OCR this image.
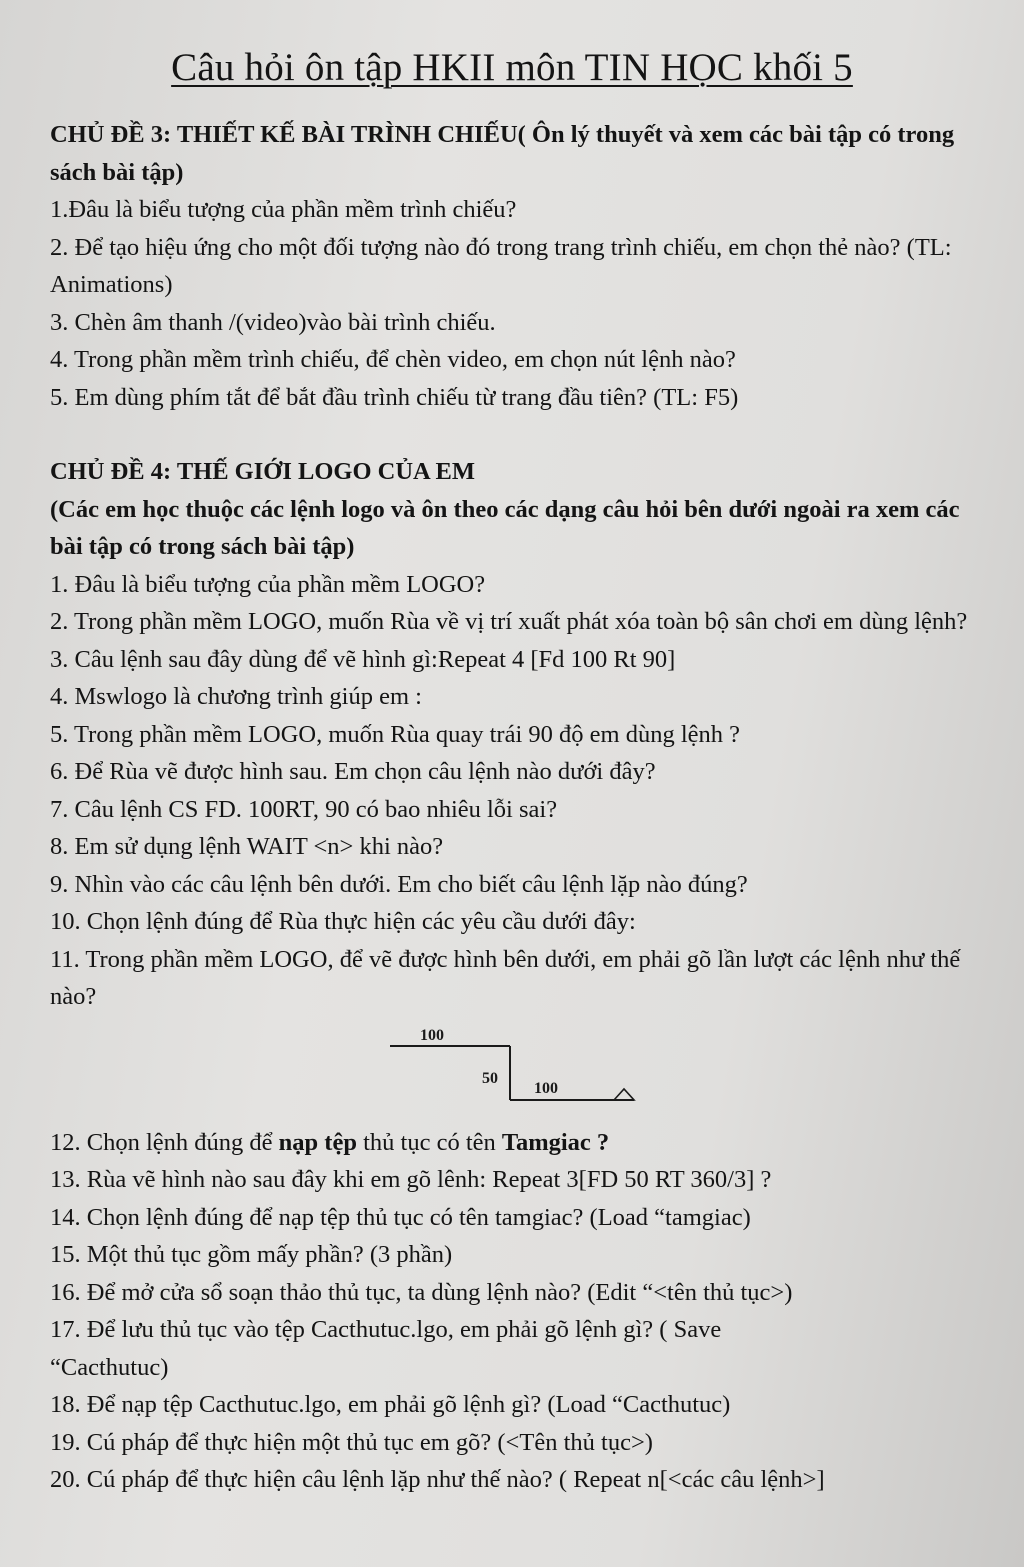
Câu hỏi ôn tập HKII môn TIN HỌC khối 5

CHỦ ĐỀ 3: THIẾT KẾ BÀI TRÌNH CHIẾU( Ôn lý thuyết và xem các bài tập có trong sách bài tập)

1.Đâu là biểu tượng của phần mềm trình chiếu?

2. Để tạo hiệu ứng cho một đối tượng nào đó trong trang trình chiếu, em chọn thẻ nào? (TL: Animations)

3. Chèn âm thanh /(video)vào bài trình chiếu.

4. Trong phần mềm trình chiếu, để chèn video, em chọn nút lệnh nào?

5. Em dùng phím tắt để bắt đầu trình chiếu từ trang đầu tiên? (TL: F5)

CHỦ ĐỀ 4: THẾ GIỚI LOGO CỦA EM

(Các em học thuộc các lệnh logo và ôn theo các dạng câu hỏi bên dưới ngoài ra xem các bài tập có trong sách bài tập)

1. Đâu là biểu tượng của phần mềm LOGO?

2. Trong phần mềm LOGO, muốn Rùa về vị trí xuất phát xóa toàn bộ sân chơi em dùng lệnh?

3. Câu lệnh sau đây dùng để vẽ hình gì:Repeat 4 [Fd 100 Rt 90]

4. Mswlogo là chương trình giúp em :

5. Trong phần mềm LOGO, muốn Rùa quay trái 90 độ em dùng lệnh ?

6. Để Rùa vẽ được hình sau. Em chọn câu lệnh nào dưới đây?

7. Câu lệnh CS FD. 100RT, 90 có bao nhiêu lỗi sai?

8. Em sử dụng lệnh WAIT <n> khi nào?

9. Nhìn vào các câu lệnh bên dưới. Em cho biết câu lệnh lặp nào đúng?

10. Chọn lệnh đúng để Rùa thực hiện các yêu cầu dưới đây:

11. Trong phần mềm LOGO, để vẽ được hình bên dưới, em phải gõ lần lượt các lệnh như thế nào?

100
50
100

12. Chọn lệnh đúng để nạp tệp thủ tục có tên Tamgiac ?

13. Rùa vẽ hình nào sau đây khi em gõ lênh: Repeat 3[FD 50 RT 360/3] ?

14. Chọn lệnh đúng để nạp tệp thủ tục có tên tamgiac? (Load “tamgiac)

15. Một thủ tục gồm mấy phần? (3 phần)

16. Để mở cửa sổ soạn thảo thủ tục, ta dùng lệnh nào? (Edit “<tên thủ tục>)

17. Để lưu thủ tục vào tệp Cacthutuc.lgo, em phải gõ lệnh gì? ( Save “Cacthutuc)

18. Để nạp tệp Cacthutuc.lgo, em phải gõ lệnh gì? (Load “Cacthutuc)

19. Cú pháp để thực hiện một thủ tục em gõ? (<Tên thủ tục>)

20. Cú pháp để thực hiện câu lệnh lặp như thế nào? ( Repeat n[<các câu lệnh>]
